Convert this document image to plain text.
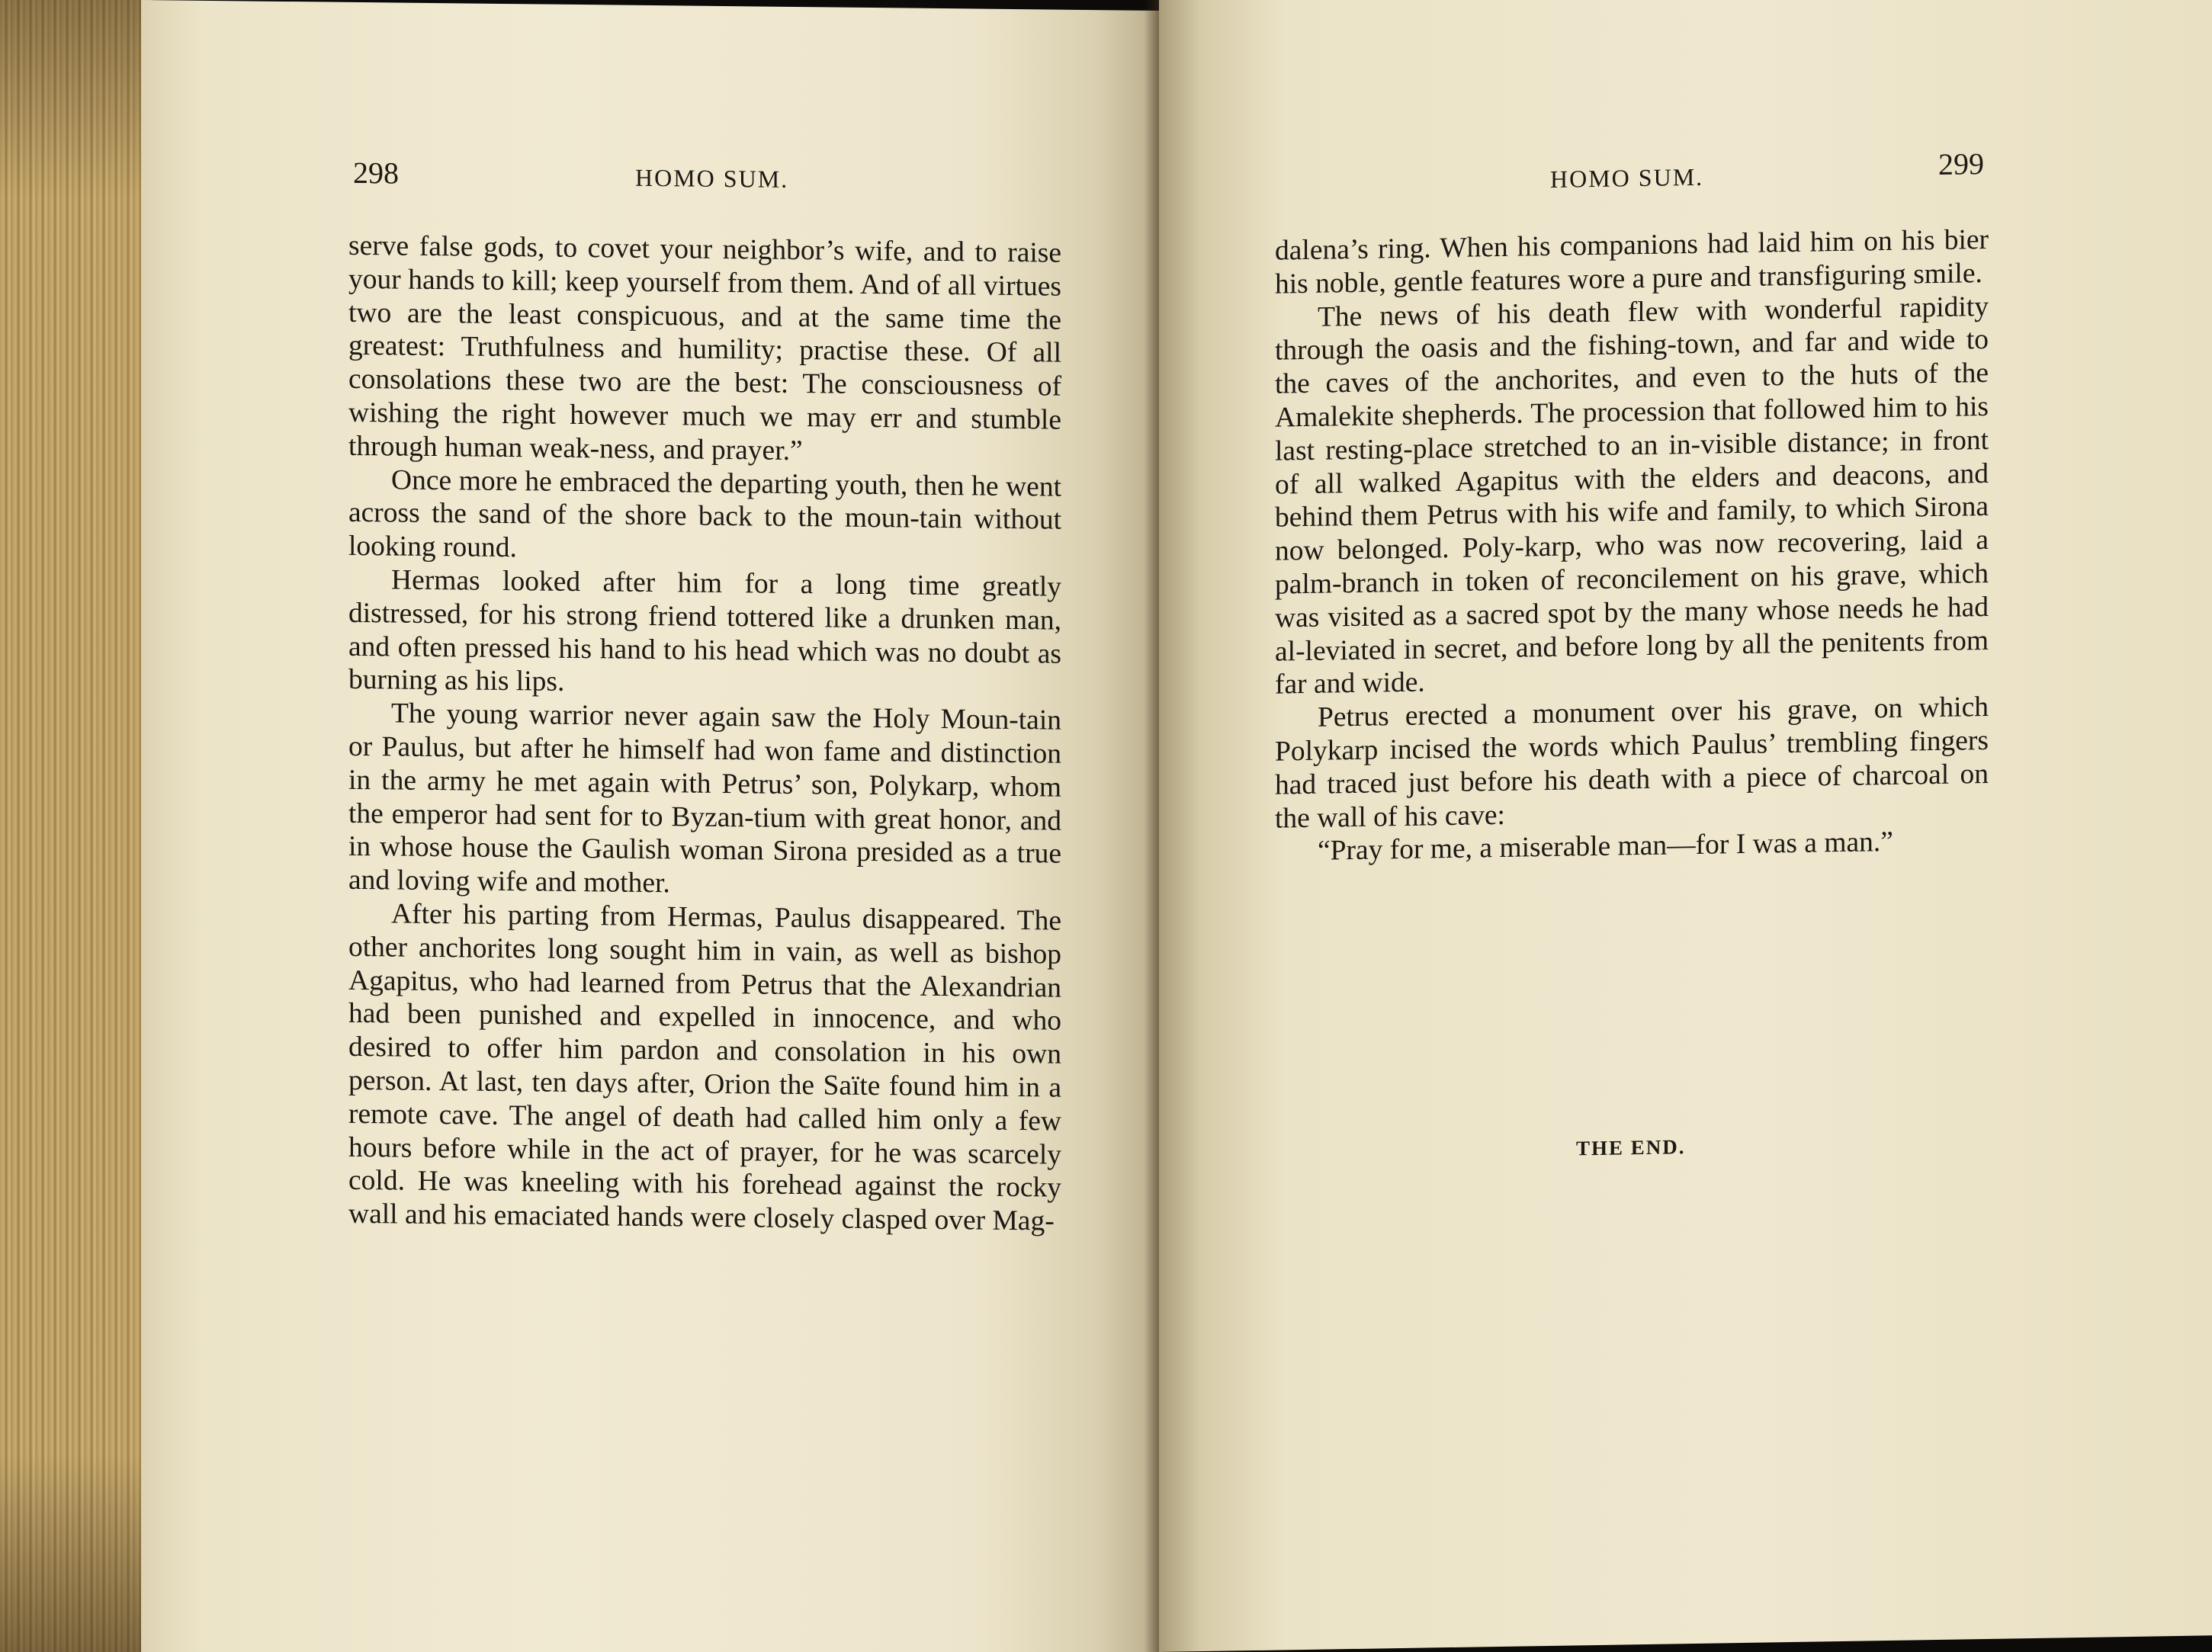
298	HOMO SUM.

serve false gods, to covet your neighbor’s wife, and to raise your hands to kill; keep yourself from them. And of all virtues two are the least conspicuous, and at the same time the greatest: Truthfulness and humility; practise these. Of all consolations these two are the best: The consciousness of wishing the right however much we may err and stumble through human weak-ness, and prayer.”

Once more he embraced the departing youth, then he went across the sand of the shore back to the moun-tain without looking round.

Hermas looked after him for a long time greatly distressed, for his strong friend tottered like a drunken man, and often pressed his hand to his head which was no doubt as burning as his lips.

The young warrior never again saw the Holy Moun-tain or Paulus, but after he himself had won fame and distinction in the army he met again with Petrus’ son, Polykarp, whom the emperor had sent for to Byzan-tium with great honor, and in whose house the Gaulish woman Sirona presided as a true and loving wife and mother.

After his parting from Hermas, Paulus disappeared. The other anchorites long sought him in vain, as well as bishop Agapitus, who had learned from Petrus that the Alexandrian had been punished and expelled in innocence, and who desired to offer him pardon and consolation in his own person. At last, ten days after, Orion the Saïte found him in a remote cave. The angel of death had called him only a few hours before while in the act of prayer, for he was scarcely cold. He was kneeling with his forehead against the rocky wall and his emaciated hands were closely clasped over Mag-

HOMO SUM.	299

dalena’s ring. When his companions had laid him on his bier his noble, gentle features wore a pure and transfiguring smile.

The news of his death flew with wonderful rapidity through the oasis and the fishing-town, and far and wide to the caves of the anchorites, and even to the huts of the Amalekite shepherds. The procession that followed him to his last resting-place stretched to an in-visible distance; in front of all walked Agapitus with the elders and deacons, and behind them Petrus with his wife and family, to which Sirona now belonged. Poly-karp, who was now recovering, laid a palm-branch in token of reconcilement on his grave, which was visited as a sacred spot by the many whose needs he had al-leviated in secret, and before long by all the penitents from far and wide.

Petrus erected a monument over his grave, on which Polykarp incised the words which Paulus’ trembling fingers had traced just before his death with a piece of charcoal on the wall of his cave:

“Pray for me, a miserable man—for I was a man.”

THE END.
